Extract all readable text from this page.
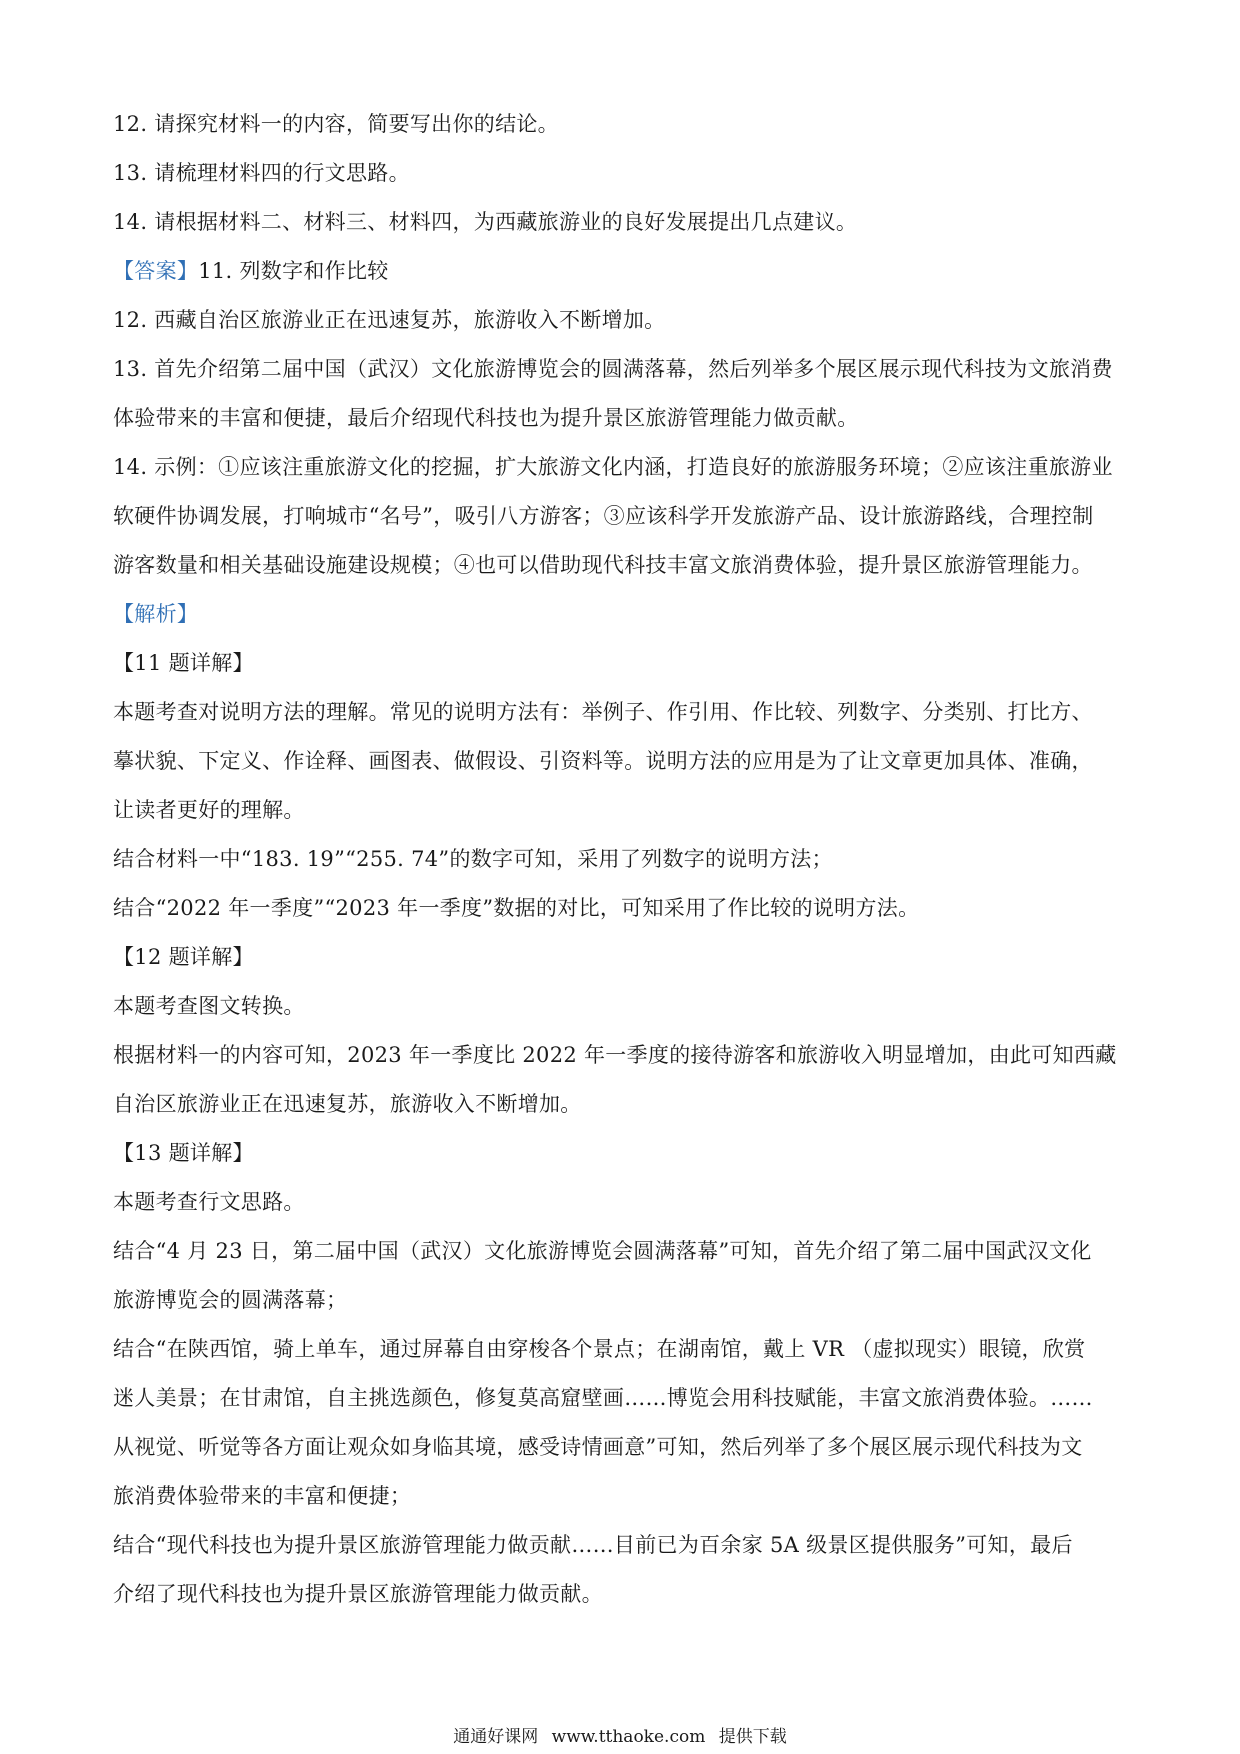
12. 请探究材料一的内容，简要写出你的结论。
13. 请梳理材料四的行文思路。
14. 请根据材料二、材料三、材料四，为西藏旅游业的良好发展提出几点建议。
【答案】11. 列数字和作比较
12. 西藏自治区旅游业正在迅速复苏，旅游收入不断增加。
13. 首先介绍第二届中国（武汉）文化旅游博览会的圆满落幕，然后列举多个展区展示现代科技为文旅消费
体验带来的丰富和便捷，最后介绍现代科技也为提升景区旅游管理能力做贡献。
14. 示例：①应该注重旅游文化的挖掘，扩大旅游文化内涵，打造良好的旅游服务环境；②应该注重旅游业
软硬件协调发展，打响城市“名号”，吸引八方游客；③应该科学开发旅游产品、设计旅游路线，合理控制
游客数量和相关基础设施建设规模；④也可以借助现代科技丰富文旅消费体验，提升景区旅游管理能力。
【解析】
【11 题详解】
本题考查对说明方法的理解。常见的说明方法有：举例子、作引用、作比较、列数字、分类别、打比方、
摹状貌、下定义、作诠释、画图表、做假设、引资料等。说明方法的应用是为了让文章更加具体、准确，
让读者更好的理解。
结合材料一中“183. 19”“255. 74”的数字可知，采用了列数字的说明方法；
结合“2022 年一季度”“2023 年一季度”数据的对比，可知采用了作比较的说明方法。
【12 题详解】
本题考查图文转换。
根据材料一的内容可知，2023 年一季度比 2022 年一季度的接待游客和旅游收入明显增加，由此可知西藏
自治区旅游业正在迅速复苏，旅游收入不断增加。
【13 题详解】
本题考查行文思路。
结合“4 月 23 日，第二届中国（武汉）文化旅游博览会圆满落幕”可知，首先介绍了第二届中国武汉文化
旅游博览会的圆满落幕；
结合“在陕西馆，骑上单车，通过屏幕自由穿梭各个景点；在湖南馆，戴上 VR （虚拟现实）眼镜，欣赏
迷人美景；在甘肃馆，自主挑选颜色，修复莫高窟壁画……博览会用科技赋能，丰富文旅消费体验。……
从视觉、听觉等各方面让观众如身临其境，感受诗情画意”可知，然后列举了多个展区展示现代科技为文
旅消费体验带来的丰富和便捷；
结合“现代科技也为提升景区旅游管理能力做贡献……目前已为百余家 5A 级景区提供服务”可知，最后
介绍了现代科技也为提升景区旅游管理能力做贡献。
通通好课网 www.tthaoke.com 提供下载
